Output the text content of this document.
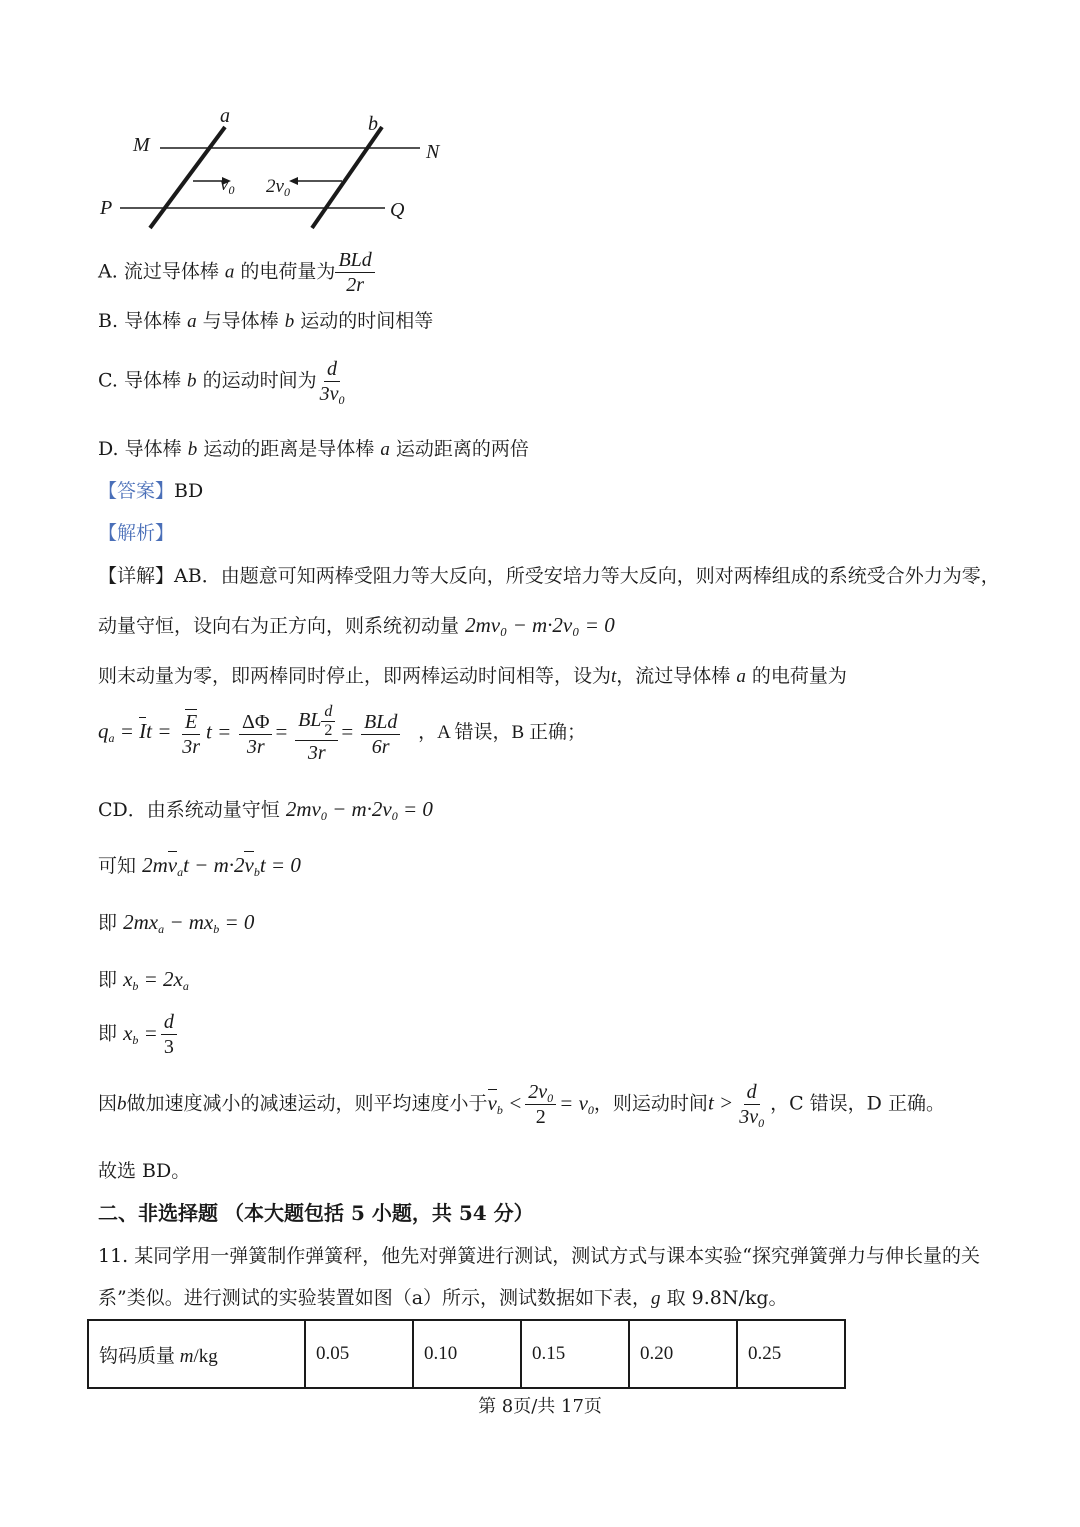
a	b
M	N
P	Q
$v_0$ $2v_0$
A. 流过导体棒 a 的电荷量为 $\frac{\text{BLd}}{2r}$
B. 导体棒 a 与导体棒 b 运动的时间相等
C. 导体棒 b 的运动时间为 $\frac{d}{3v_0}$
D. 导体棒 b 运动的距离是导体棒 a 运动距离的两倍
【答案】BD
【解析】
【详解】AB．由题意可知两棒受阻力等大反向，所受安培力等大反向，则对两棒组成的系统受合外力为零，
动量守恒，设向右为正方向，则系统初动量 2mv₀ − m·2v₀ = 0
则末动量为零，即两棒同时停止，即两棒运动时间相等，设为t，流过导体棒 a 的电荷量为
$q_a = It = \frac{E}{3r}$ $t = \frac{\Delta\Phi}{3r} = \frac{BL \frac{d}{2}}{3r} = \frac{\text{BLd}}{6r}$ ，A 错误，B 正确；
CD．由系统动量守恒 $2mv_0 - m\cdot 2v_0 = 0$
可知 $2mv_at - m\cdot 2v_bt = 0$
即 $2mx_a - mx_b = 0$
即 $x_b = 2x_a$
即 $x_b = \frac{d}{3}$
因b做加速度减小的减速运动，则平均速度小于$v_b < \frac{2v_0}{2} = v_0$，则运动时间$t > \frac{d}{3v_0}$ ，C 错误，D 正确。
故选 BD。
二、非选择题 （本大题包括 5 小题，共 54 分）
11. 某同学用一弹簧制作弹簧秤，他先对弹簧进行测试，测试方式与课本实验“探究弹簧弹力与伸长量的关
系”类似。进行测试的实验装置如图（a）所示，测试数据如下表，g 取 9.8N/kg。
钩码质量 m/kg	0.05	0.10	0.15	0.20	0.25
第 8页/共 17页
